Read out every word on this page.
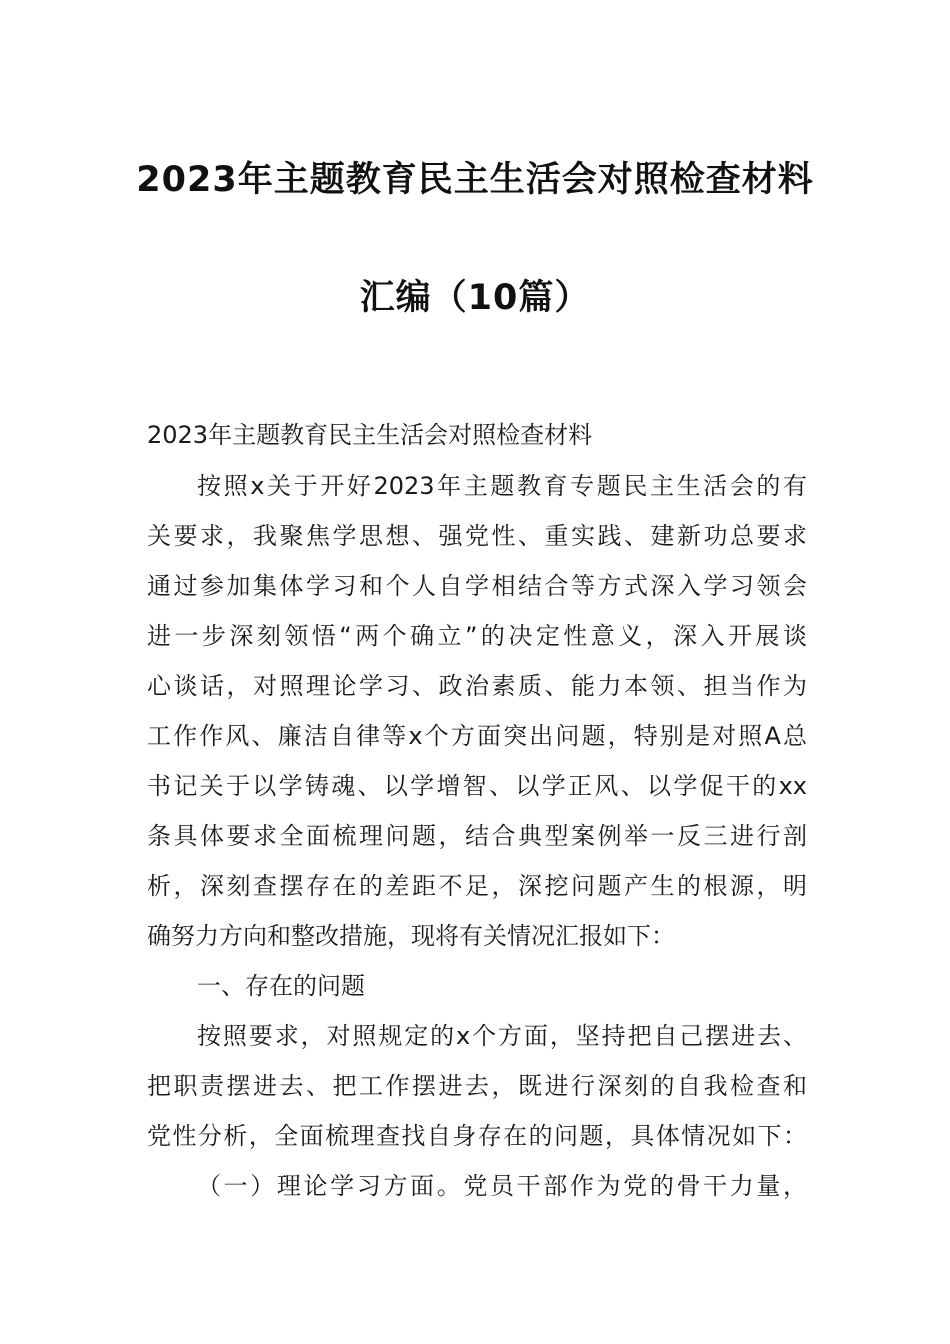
2023年主题教育民主生活会对照检查材料
汇编（10篇）
2023年主题教育民主生活会对照检查材料
按照x关于开好2023年主题教育专题民主生活会的有
关要求，我聚焦学思想、强党性、重实践、建新功总要求
通过参加集体学习和个人自学相结合等方式深入学习领会
进一步深刻领悟“两个确立”的决定性意义，深入开展谈
心谈话，对照理论学习、政治素质、能力本领、担当作为
工作作风、廉洁自律等x个方面突出问题，特别是对照A总
书记关于以学铸魂、以学增智、以学正风、以学促干的xx
条具体要求全面梳理问题，结合典型案例举一反三进行剖
析，深刻查摆存在的差距不足，深挖问题产生的根源，明
确努力方向和整改措施，现将有关情况汇报如下：
一、存在的问题
按照要求，对照规定的x个方面，坚持把自己摆进去、
把职责摆进去、把工作摆进去，既进行深刻的自我检查和
党性分析，全面梳理查找自身存在的问题，具体情况如下：
（一）理论学习方面。党员干部作为党的骨干力量，
